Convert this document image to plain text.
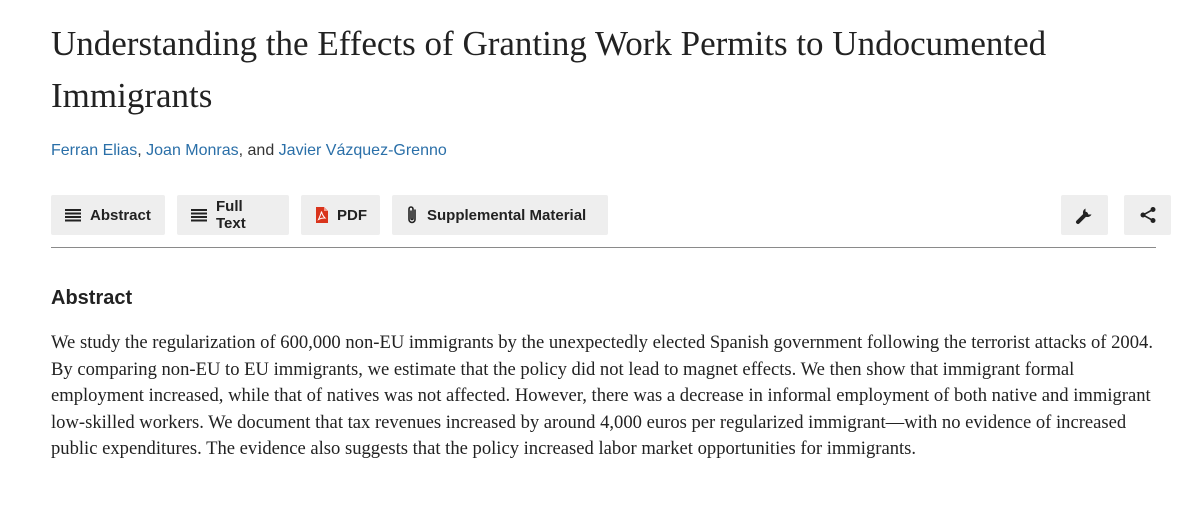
Understanding the Effects of Granting Work Permits to Undocumented Immigrants
Ferran Elias, Joan Monras, and Javier Vázquez-Grenno
Abstract	Full Text	PDF	Supplemental Material
Abstract

We study the regularization of 600,000 non-EU immigrants by the unexpectedly elected Spanish government following the terrorist attacks of 2004. By comparing non-EU to EU immigrants, we estimate that the policy did not lead to magnet effects. We then show that immigrant formal employment increased, while that of natives was not affected. However, there was a decrease in informal employment of both native and immigrant low-skilled workers. We document that tax revenues increased by around 4,000 euros per regularized immigrant—with no evidence of increased public expenditures. The evidence also suggests that the policy increased labor market opportunities for immigrants.
